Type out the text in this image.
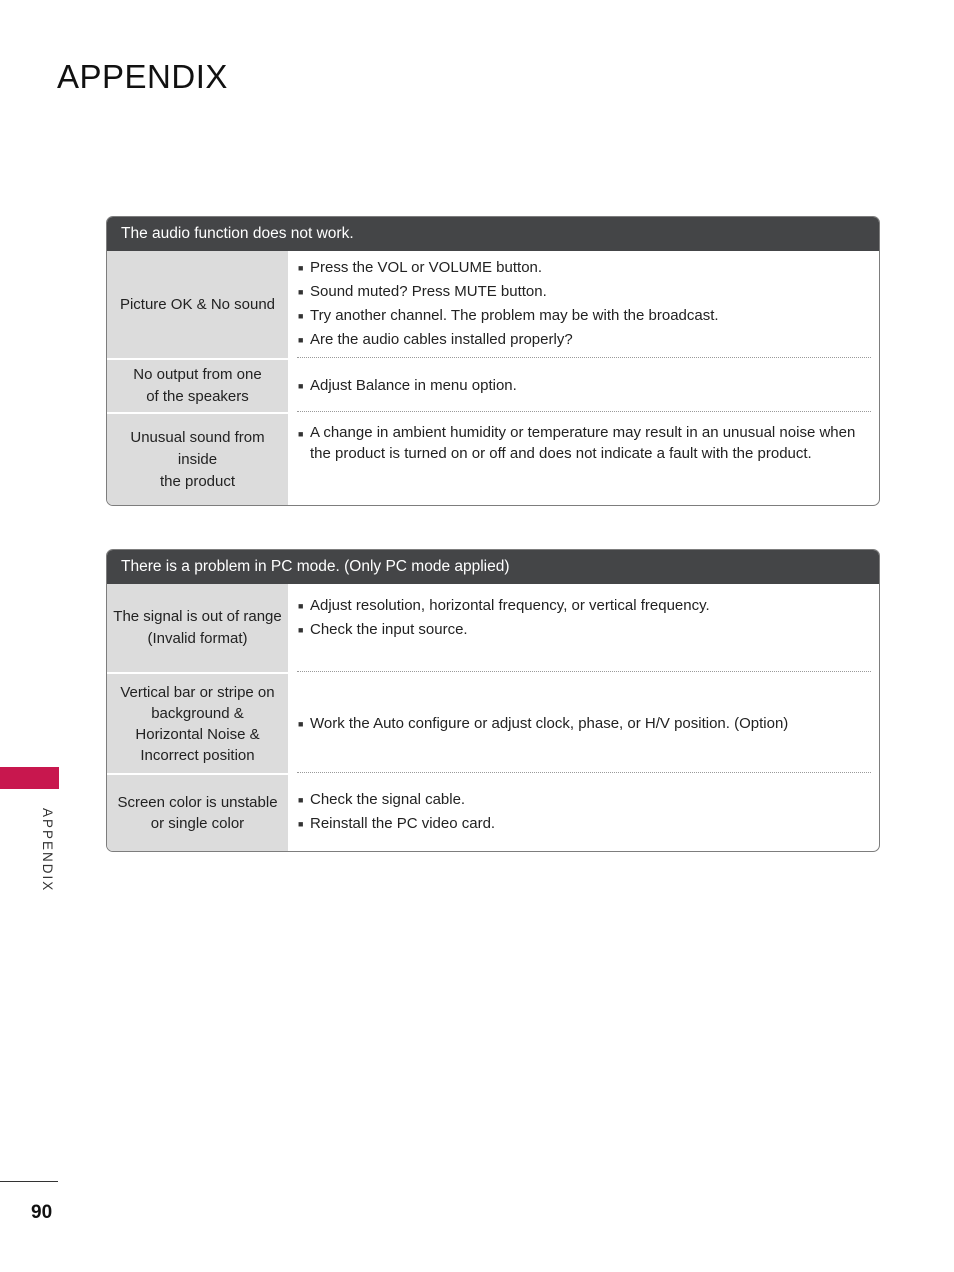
APPENDIX
The audio function does not work.
Picture OK & No sound
■ Press the VOL or VOLUME button.
■ Sound muted? Press MUTE button.
■ Try another channel. The problem may be with the broadcast.
■ Are the audio cables installed properly?
No output from one
of the speakers
■ Adjust Balance in menu option.
Unusual sound from
inside
the product
■ A change in ambient humidity or temperature may result in an unusual noise when the product is turned on or off and does not indicate a fault with the product.
There is a problem in PC mode. (Only PC mode applied)
The signal is out of range
(Invalid format)
■ Adjust resolution, horizontal frequency, or vertical frequency.
■ Check the input source.
Vertical bar or stripe on
background &
Horizontal Noise &
Incorrect position
■ Work the Auto configure or adjust clock, phase, or H/V position. (Option)
Screen color is unstable
or single color
■ Check the signal cable.
■ Reinstall the PC video card.
APPENDIX
90
